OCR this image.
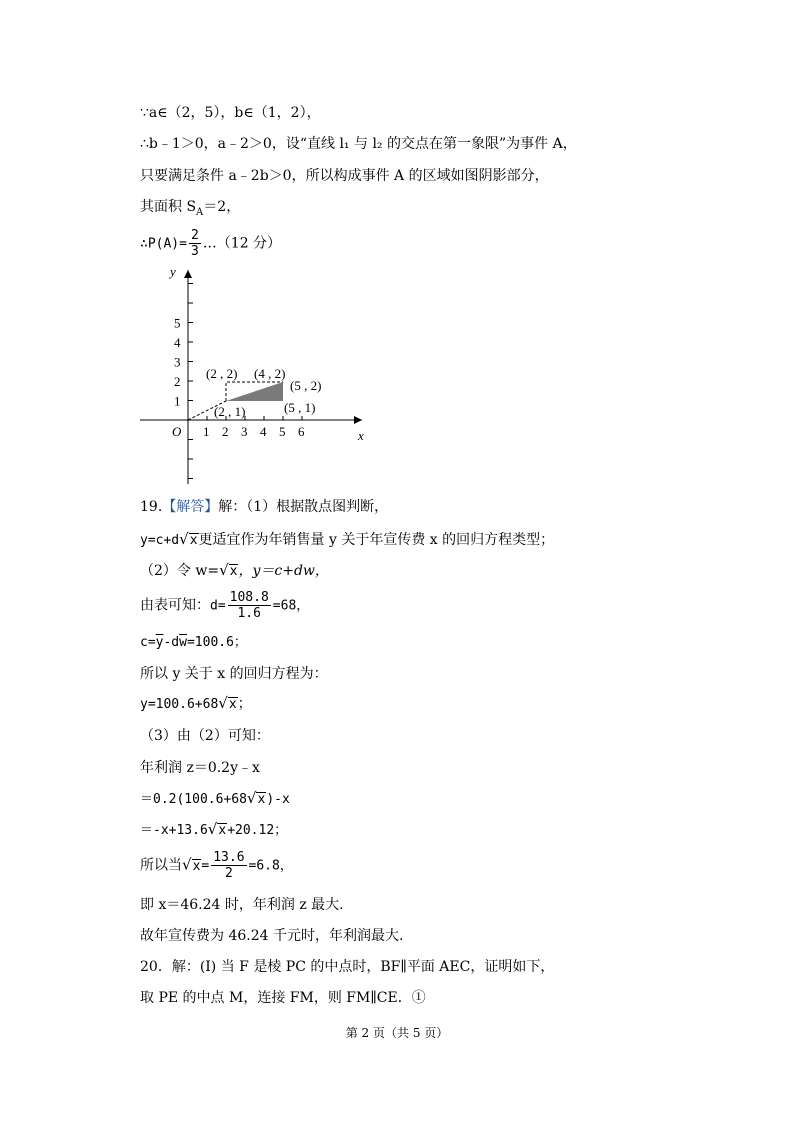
∵a∈（2，5），b∈（1，2），
∴b﹣1＞0，a﹣2＞0，设“直线 l₁ 与 l₂ 的交点在第一象限”为事件 A，
只要满足条件 a﹣2b＞0，所以构成事件 A 的区域如图阴影部分，
其面积 $S_A=2$，
∴P(A)= $\frac{2}{3}$ …（12 分）
x
y
O 1 2 3 4 5 6
1
2
3
4
5
(2 , 2) (4 , 2)
(5 , 2)
(2 , 1)	(5 , 1)
19.【解答】解：（1）根据散点图判断，
y=c+d√x更适宜作为年销售量 y 关于年宣传费 x 的回归方程类型；
（2）令 w=√x，y＝c+dw，
由表可知：$d= \frac{108.8}{1.6} =68$，
$c=\overline{y}-d\overline{w}=100.6$；
所以 y 关于 x 的回归方程为：
y=100.6+68√x；
（3）由（2）可知：
年利润 z＝0.2y﹣x
＝0.2(100.6+68√x)-x
＝-x+13.6√x+20.12；
所以当$√x= \frac{13.6}{2} =6.8$，
即 x＝46.24 时，年利润 z 最大.
故年宣传费为 46.24 千元时，年利润最大.
20．解：(Ⅰ) 当 F 是棱 PC 的中点时，BF∥平面 AEC，证明如下，
取 PE 的中点 M，连接 FM，则 FM∥CE．①
第 2 页（共 5 页）
